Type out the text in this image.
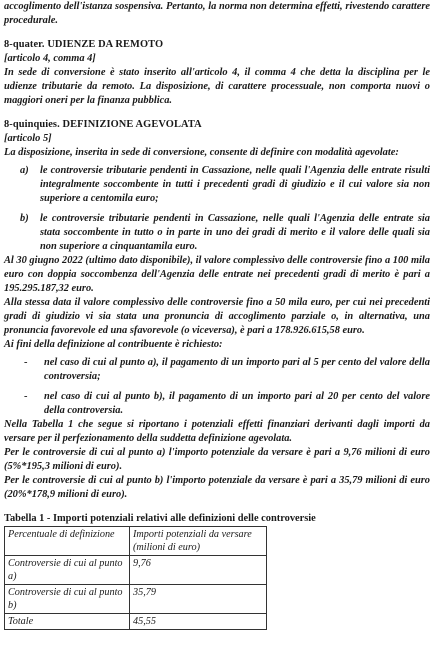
accoglimento dell'istanza sospensiva. Pertanto, la norma non determina effetti, rivestendo carattere procedurale.

8-quater. UDIENZE DA REMOTO

[articolo 4, comma 4]

In sede di conversione è stato inserito all'articolo 4, il comma 4 che detta la disciplina per le udienze tributarie da remoto. La disposizione, di carattere processuale, non comporta nuovi o maggiori oneri per la finanza pubblica.

8-quinquies. DEFINIZIONE AGEVOLATA

[articolo 5]

La disposizione, inserita in sede di conversione, consente di definire con modalità agevolate:

a) le controversie tributarie pendenti in Cassazione, nelle quali l'Agenzia delle entrate risulti integralmente soccombente in tutti i precedenti gradi di giudizio e il cui valore sia non superiore a centomila euro;
b) le controversie tributarie pendenti in Cassazione, nelle quali l'Agenzia delle entrate sia stata soccombente in tutto o in parte in uno dei gradi di merito e il valore delle quali sia non superiore a cinquantamila euro.

Al 30 giugno 2022 (ultimo dato disponibile), il valore complessivo delle controversie fino a 100 mila euro con doppia soccombenza dell'Agenzia delle entrate nei precedenti gradi di merito è pari a 195.295.187,32 euro.

Alla stessa data il valore complessivo delle controversie fino a 50 mila euro, per cui nei precedenti gradi di giudizio vi sia stata una pronuncia di accoglimento parziale o, in alternativa, una pronuncia favorevole ed una sfavorevole (o viceversa), è pari a 178.926.615,58 euro.

Ai fini della definizione al contribuente è richiesto:

- nel caso di cui al punto a), il pagamento di un importo pari al 5 per cento del valore della controversia;
- nel caso di cui al punto b), il pagamento di un importo pari al 20 per cento del valore della controversia.

Nella Tabella 1 che segue si riportano i potenziali effetti finanziari derivanti dagli importi da versare per il perfezionamento della suddetta definizione agevolata.

Per le controversie di cui al punto a) l'importo potenziale da versare è pari a 9,76 milioni di euro (5%*195,3 milioni di euro).

Per le controversie di cui al punto b) l'importo potenziale da versare è pari a 35,79 milioni di euro (20%*178,9 milioni di euro).

Tabella 1 - Importi potenziali relativi alle definizioni delle controversie

Percentuale di definizione	Importi potenziali da versare (milioni di euro)
Controversie di cui al punto a)	9,76
Controversie di cui al punto b)	35,79
Totale	45,55
